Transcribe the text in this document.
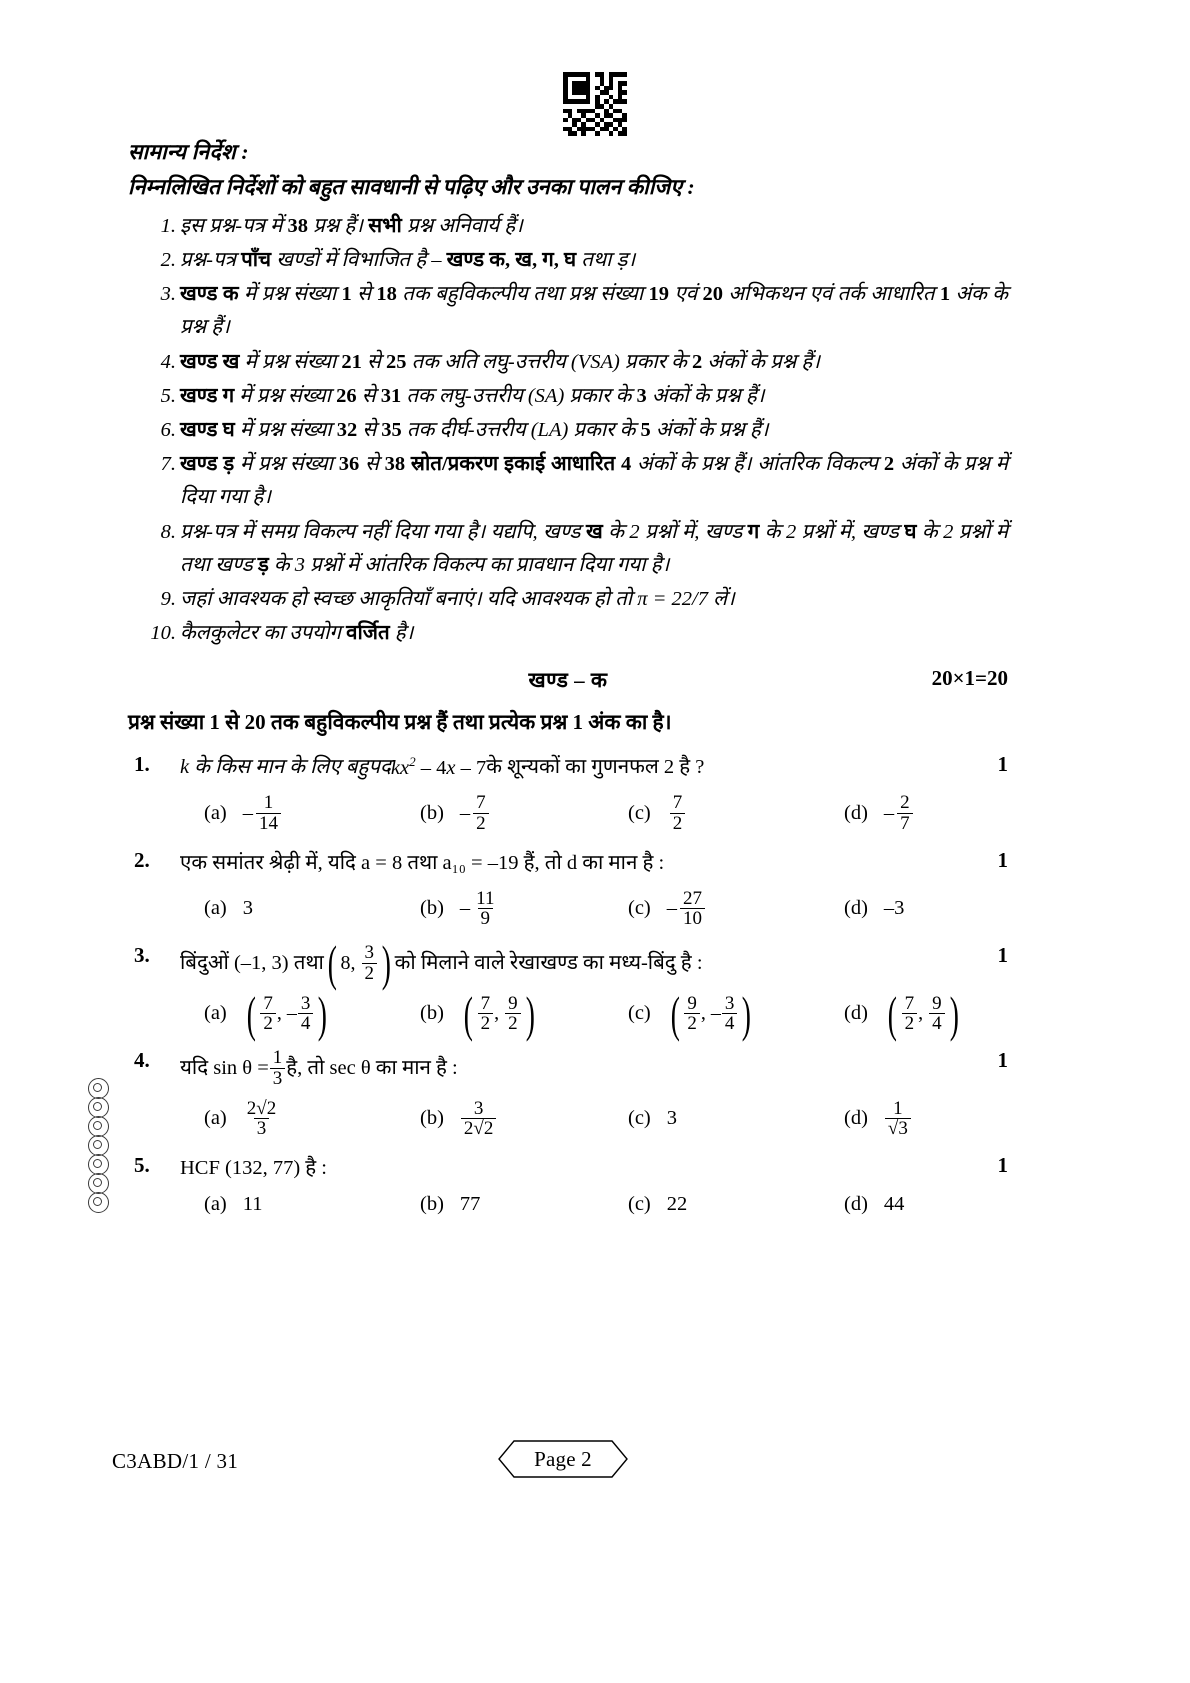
सामान्य निर्देश :
निम्नलिखित निर्देशों को बहुत सावधानी से पढ़िए और उनका पालन कीजिए :
1. इस प्रश्न-पत्र में 38 प्रश्न हैं। सभी प्रश्न अनिवार्य हैं।
2. प्रश्न-पत्र पाँच खण्डों में विभाजित है – खण्ड क, ख, ग, घ तथा ड़।
3. खण्ड क में प्रश्न संख्या 1 से 18 तक बहुविकल्पीय तथा प्रश्न संख्या 19 एवं 20 अभिकथन एवं तर्क आधारित 1 अंक के प्रश्न हैं।
4. खण्ड ख में प्रश्न संख्या 21 से 25 तक अति लघु-उत्तरीय (VSA) प्रकार के 2 अंकों के प्रश्न हैं।
5. खण्ड ग में प्रश्न संख्या 26 से 31 तक लघु-उत्तरीय (SA) प्रकार के 3 अंकों के प्रश्न हैं।
6. खण्ड घ में प्रश्न संख्या 32 से 35 तक दीर्घ-उत्तरीय (LA) प्रकार के 5 अंकों के प्रश्न हैं।
7. खण्ड ड़ में प्रश्न संख्या 36 से 38 स्रोत/प्रकरण इकाई आधारित 4 अंकों के प्रश्न हैं। आंतरिक विकल्प 2 अंकों के प्रश्न में दिया गया है।
8. प्रश्न-पत्र में समग्र विकल्प नहीं दिया गया है। यद्यपि, खण्ड ख के 2 प्रश्नों में, खण्ड ग के 2 प्रश्नों में, खण्ड घ के 2 प्रश्नों में तथा खण्ड ड़ के 3 प्रश्नों में आंतरिक विकल्प का प्रावधान दिया गया है।
9. जहां आवश्यक हो स्वच्छ आकृतियाँ बनाएं। यदि आवश्यक हो तो π = 22/7 लें।
10. कैलकुलेटर का उपयोग वर्जित है।
खण्ड – क	20×1=20
प्रश्न संख्या 1 से 20 तक बहुविकल्पीय प्रश्न हैं तथा प्रत्येक प्रश्न 1 अंक का है।
1.	1
k के किस मान के लिए बहुपद $kx^2 - 4x - 7$ के शून्यकों का गुणनफल 2 है ?
$(a) - \frac{1}{14}$	$(b) - \frac{7}{2}$	$(c) \frac{7}{2}$	$(d) - \frac{2}{7}$
2.	1
एक समांतर श्रेढ़ी में, यदि a = 8 तथा a₁₀ = –19 हैं, तो d का मान है :
(a) 3	$(b) - \frac{11}{9}$	$(c) - \frac{27}{10}$	(d) –3
3.	1
बिंदुओं (–1, 3) तथा ( 8 , $\frac{3}{2}$ ) को मिलाने वाले रेखाखण्ड का मध्य-बिंदु है :
(a) ( $\frac{7}{2}$ , – $\frac{3}{4}$ )	(b) ( $\frac{7}{2}$ , $\frac{9}{2}$ )	(c) ( $\frac{9}{2}$ , – $\frac{3}{4}$ )	(d) ( $\frac{7}{2}$ , $\frac{9}{4}$ )
4.	1
यदि $\sin \theta = \frac{1}{3}$ है, तो sec θ का मान है :
$(a) \frac{2√2}{3}$	$(b) \frac{3}{2√2}$	(c) 3	$(d) \frac{1}{√3}$
5.	1
HCF (132, 77) है :
(a) 11	(b) 77	(c) 22	(d) 44
C3ABD/1 / 31	Page 2
